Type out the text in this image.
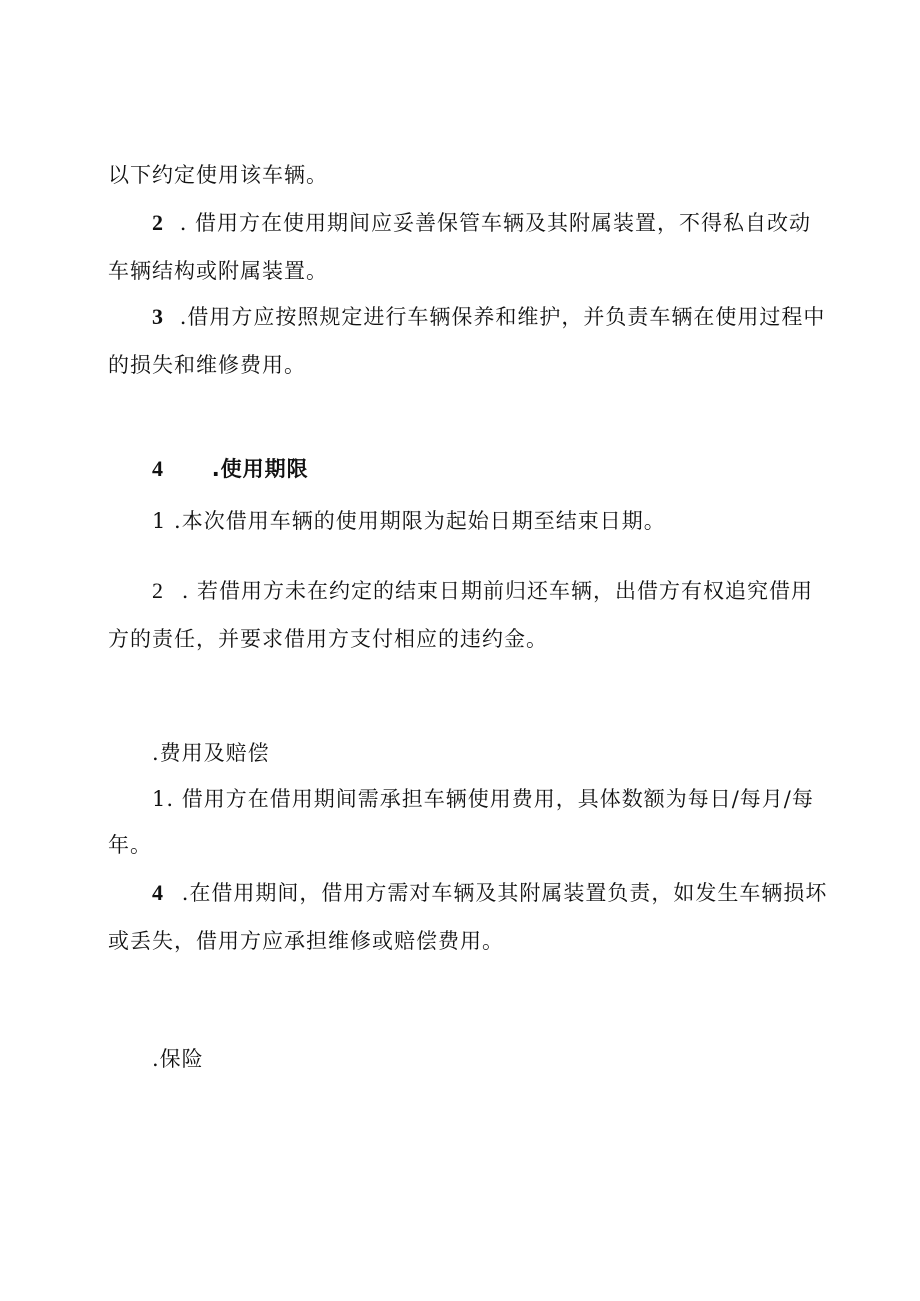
以下约定使用该车辆。
2 . 借用方在使用期间应妥善保管车辆及其附属装置，不得私自改动
车辆结构或附属装置。
3 .借用方应按照规定进行车辆保养和维护，并负责车辆在使用过程中
的损失和维修费用。
4 .使用期限
1 .本次借用车辆的使用期限为起始日期至结束日期。
2 . 若借用方未在约定的结束日期前归还车辆，出借方有权追究借用
方的责任，并要求借用方支付相应的违约金。
.费用及赔偿
1. 借用方在借用期间需承担车辆使用费用，具体数额为每日/每月/每
年。
4 .在借用期间，借用方需对车辆及其附属装置负责，如发生车辆损坏
或丢失，借用方应承担维修或赔偿费用。
.保险
